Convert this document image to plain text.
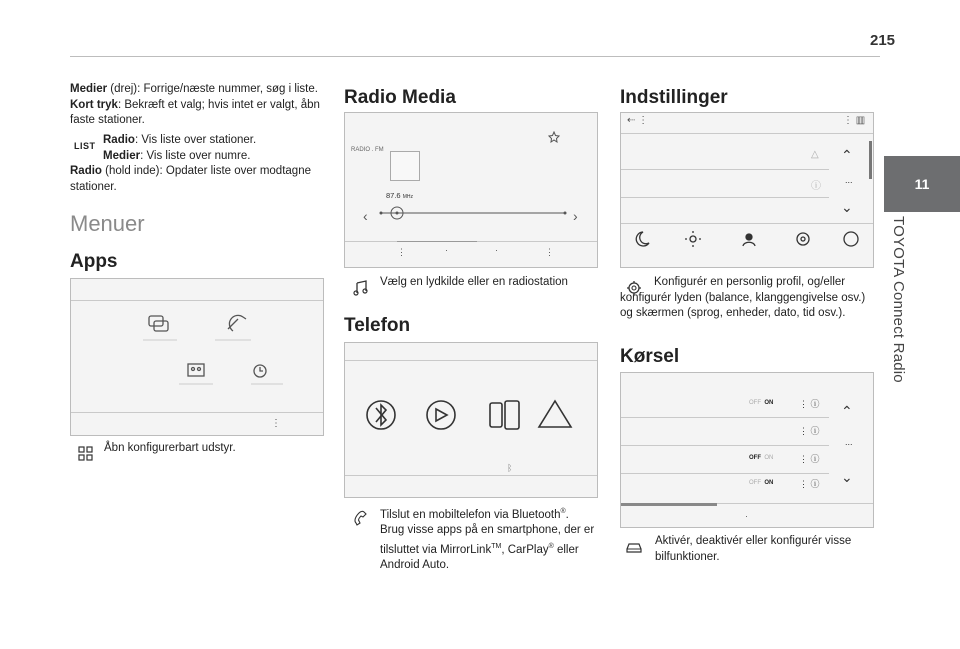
215
11
TOYOTA Connect Radio
Medier (drej): Forrige/næste nummer, søg i liste.
Kort tryk: Bekræft et valg; hvis intet er valgt, åbn faste stationer.
LIST Radio: Vis liste over stationer.
Medier: Vis liste over numre.
Radio (hold inde): Opdater liste over modtagne stationer.
Menuer
Apps
⋮
Åbn konfigurerbart udstyr.
Radio Media
RADIO . FM
87.6 MHz
‹	›
⋮	·	·	⋮
Vælg en lydkilde eller en radiostation
Telefon
ᛒ
Tilslut en mobiltelefon via Bluetooth®.
Brug visse apps på en smartphone, der er tilsluttet via MirrorLink™, CarPlay® eller Android Auto.
Indstillinger
⇠ ⋮	⋮ ▥
△
ⓘ
⌃
...
⌄
Konfigurér en personlig profil, og/eller konfigurér lyden (balance, klanggengivelse osv.) og skærmen (sprog, enheder, dato, tid osv.).
Kørsel
OFF ON
OFF ON
OFF ON
⋮ ⓘ
⋮ ⓘ
⋮ ⓘ
⋮ ⓘ
⌃
...
⌄
·
Aktivér, deaktivér eller konfigurér visse bilfunktioner.
